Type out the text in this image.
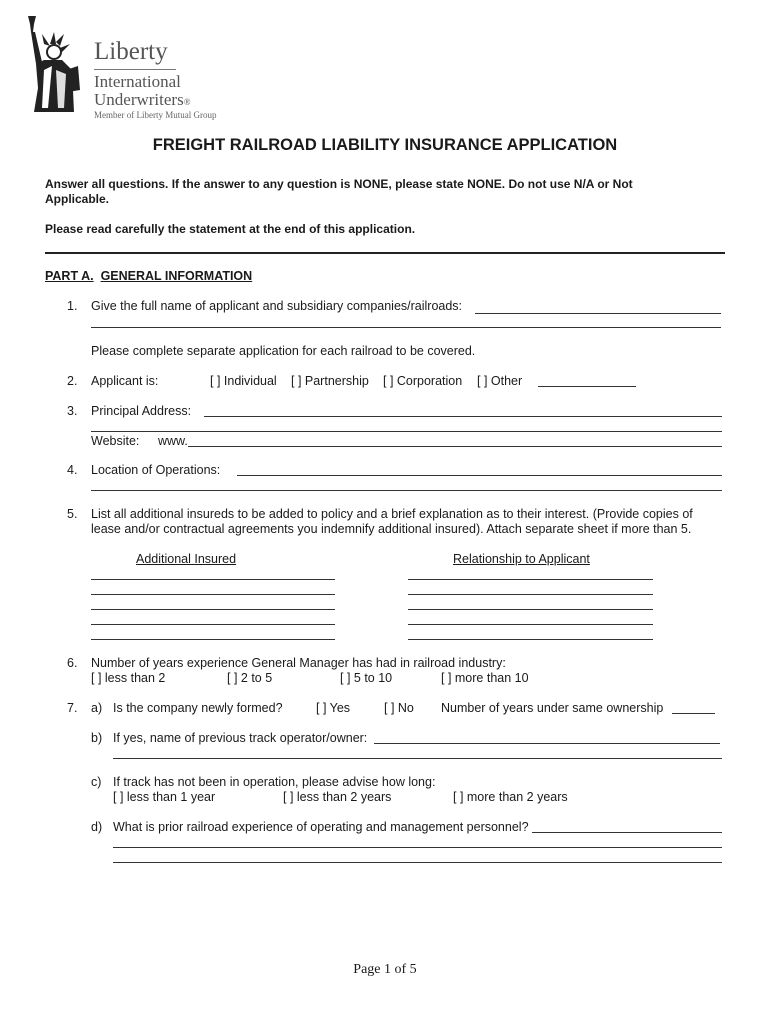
Liberty
International
Underwriters®
Member of Liberty Mutual Group
FREIGHT RAILROAD LIABILITY INSURANCE APPLICATION
Answer all questions. If the answer to any question is NONE, please state NONE. Do not use N/A or Not
Applicable.
Please read carefully the statement at the end of this application.
PART A. GENERAL INFORMATION
1. Give the full name of applicant and subsidiary companies/railroads:
Please complete separate application for each railroad to be covered.
2. Applicant is:	[ ] Individual [ ] Partnership [ ] Corporation [ ] Other
3. Principal Address:
Website: www.
4. Location of Operations:
5. List all additional insureds to be added to policy and a brief explanation as to their interest. (Provide copies of
lease and/or contractual agreements you indemnify additional insured). Attach separate sheet if more than 5.
Additional Insured	Relationship to Applicant
6. Number of years experience General Manager has had in railroad industry:
[ ] less than 2	[ ] 2 to 5	[ ] 5 to 10	[ ] more than 10
7. a) Is the company newly formed?	[ ] Yes	[ ] No Number of years under same ownership
b) If yes, name of previous track operator/owner:
c) If track has not been in operation, please advise how long:
[ ] less than 1 year	[ ] less than 2 years	[ ] more than 2 years
d) What is prior railroad experience of operating and management personnel?
Page 1 of 5
